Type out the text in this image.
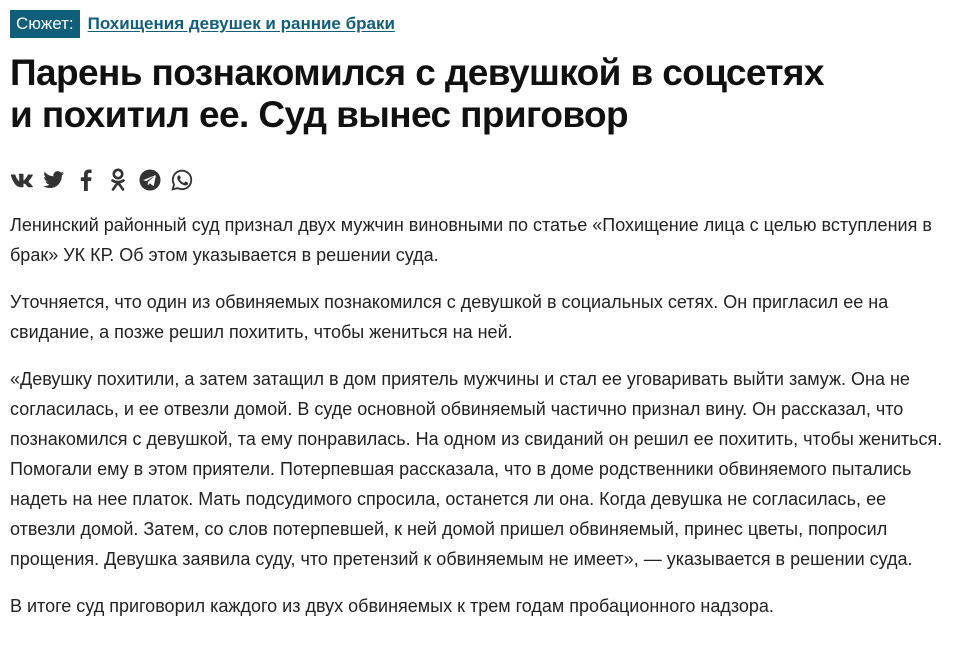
Сюжет: Похищения девушек и ранние браки
Парень познакомился с девушкой в соцсетях
и похитил ее. Суд вынес приговор

Ленинский районный суд признал двух мужчин виновными по статье «Похищение лица с целью вступления в брак» УК КР. Об этом указывается в решении суда.

Уточняется, что один из обвиняемых познакомился с девушкой в социальных сетях. Он пригласил ее на свидание, а позже решил похитить, чтобы жениться на ней.

«Девушку похитили, а затем затащил в дом приятель мужчины и стал ее уговаривать выйти замуж. Она не согласилась, и ее отвезли домой. В суде основной обвиняемый частично признал вину. Он рассказал, что познакомился с девушкой, та ему понравилась. На одном из свиданий он решил ее похитить, чтобы жениться. Помогали ему в этом приятели. Потерпевшая рассказала, что в доме родственники обвиняемого пытались надеть на нее платок. Мать подсудимого спросила, останется ли она. Когда девушка не согласилась, ее отвезли домой. Затем, со слов потерпевшей, к ней домой пришел обвиняемый, принес цветы, попросил прощения. Девушка заявила суду, что претензий к обвиняемым не имеет», — указывается в решении суда.

В итоге суд приговорил каждого из двух обвиняемых к трем годам пробационного надзора.
